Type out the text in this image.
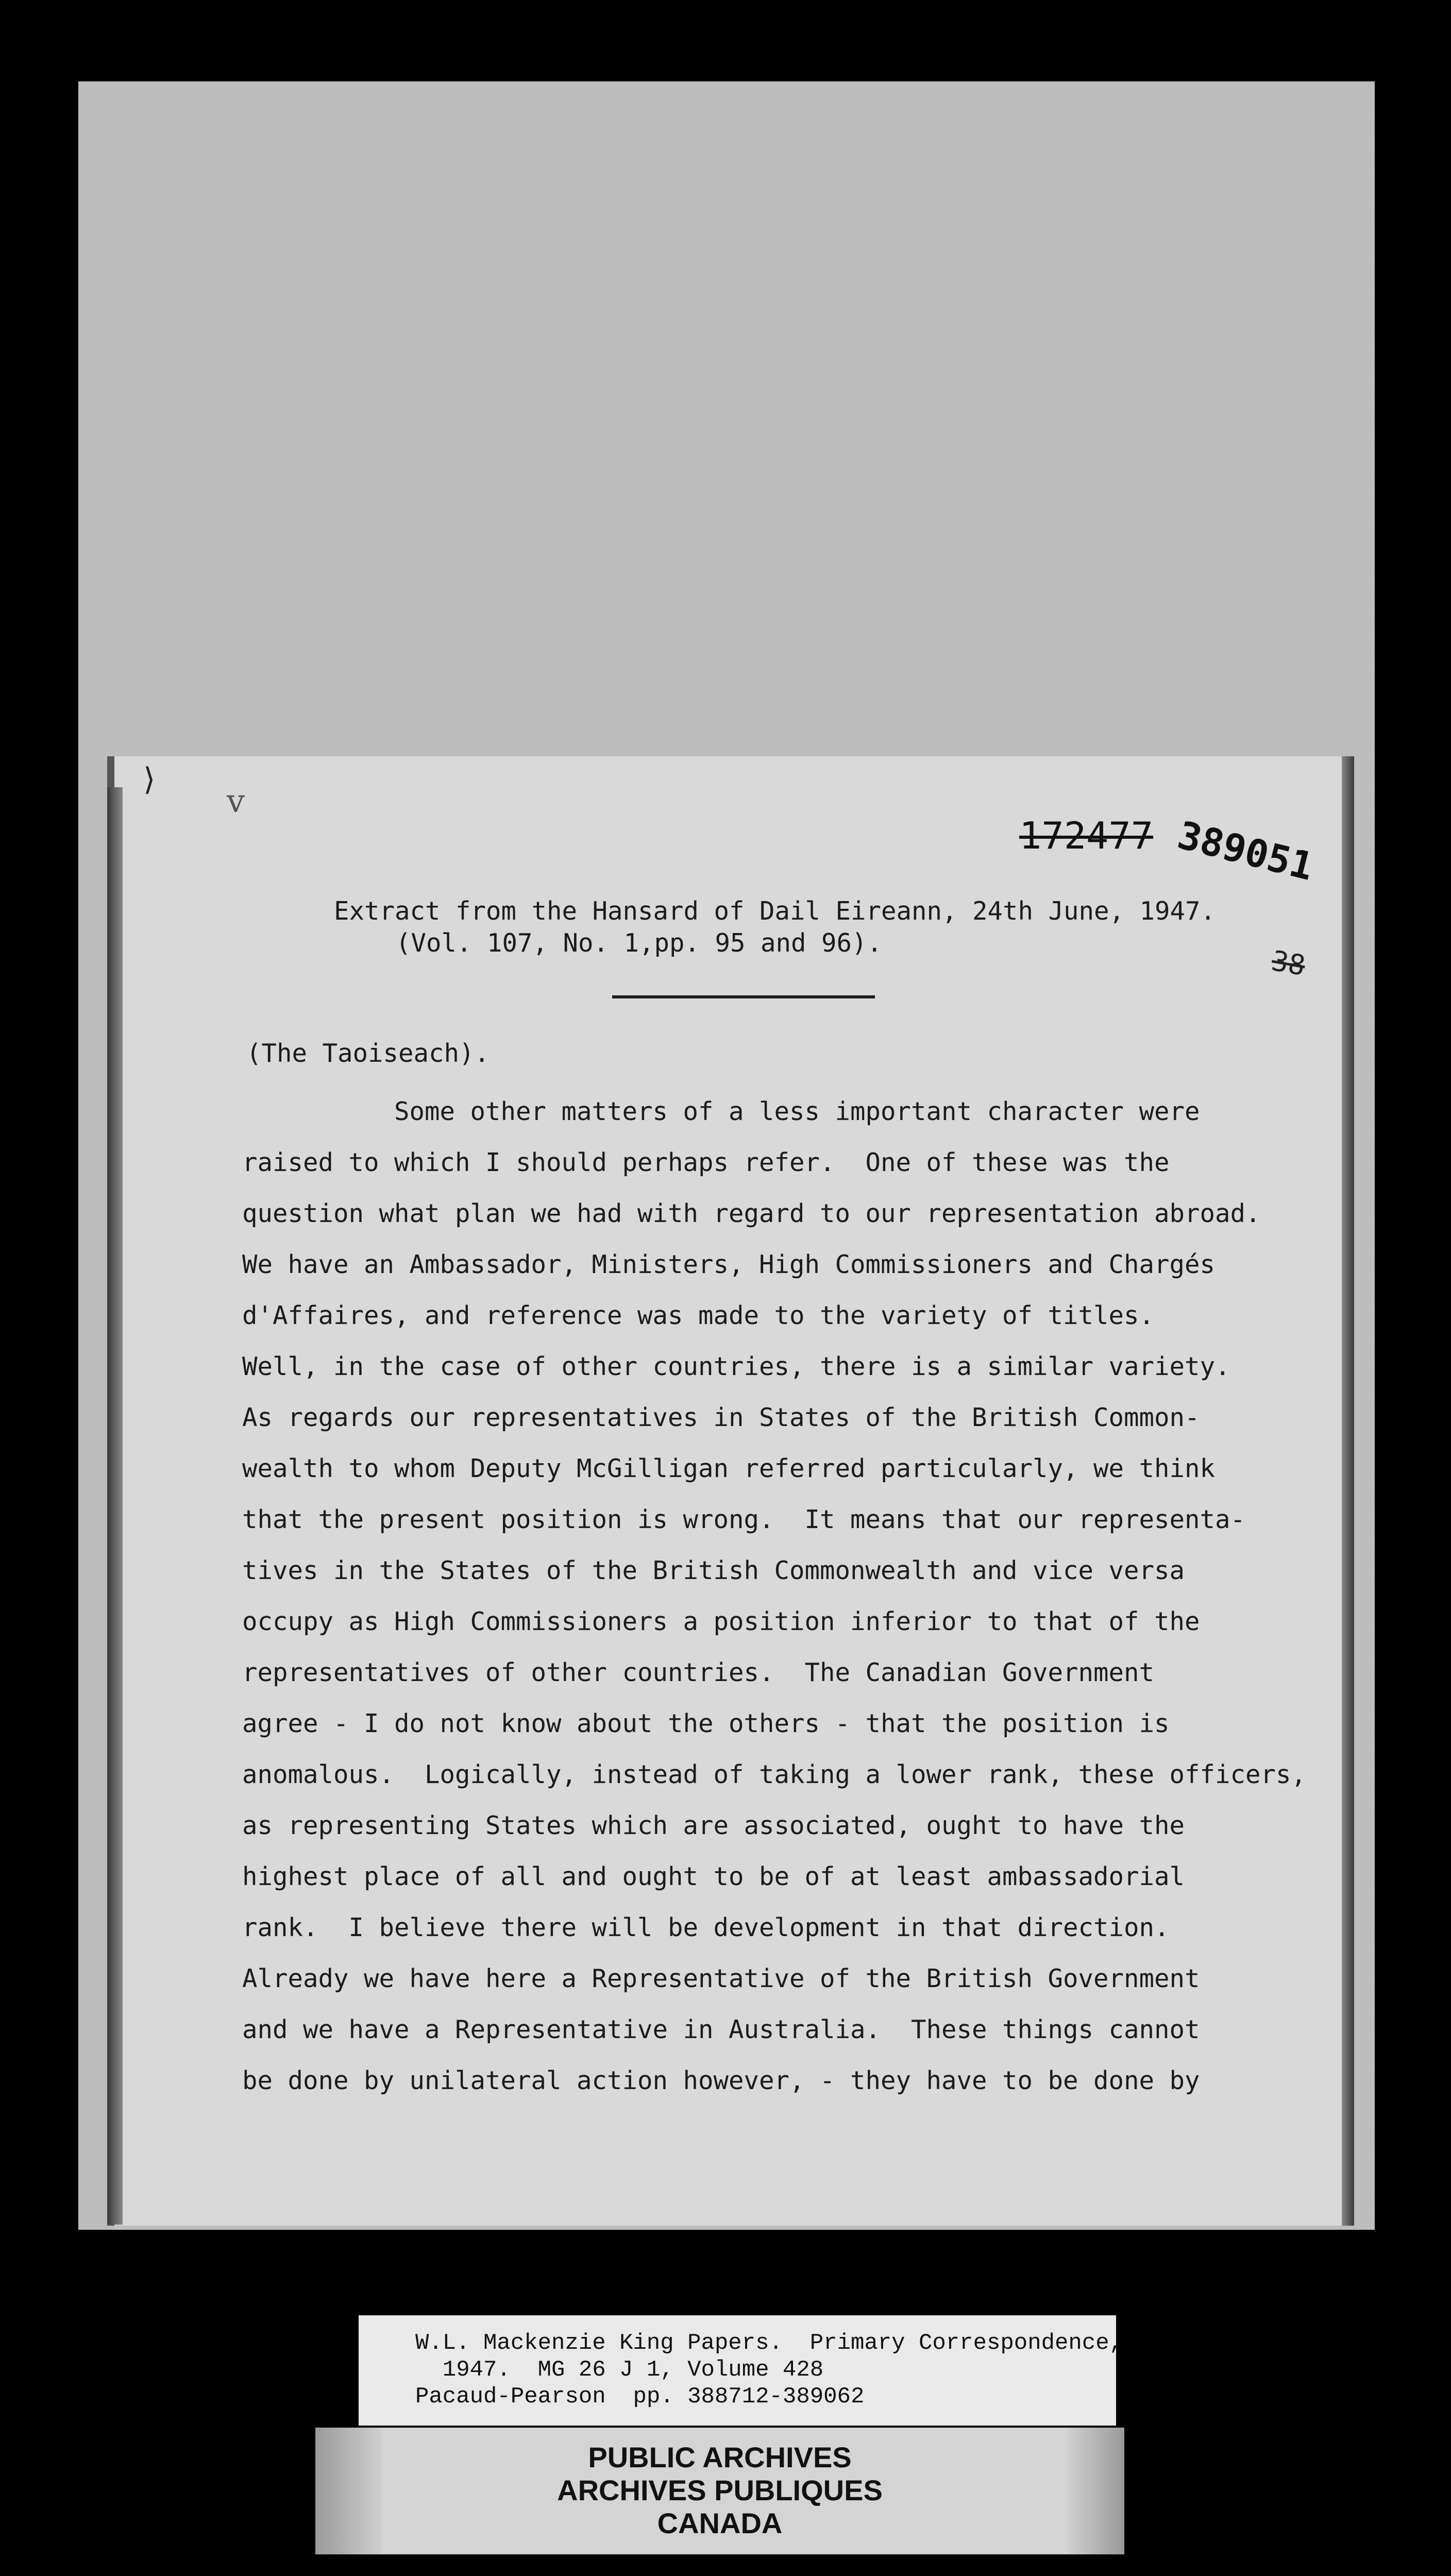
⟩
v
172477 389051
38
Extract from the Hansard of Dail Eireann, 24th June, 1947.
(Vol. 107, No. 1,pp. 95 and 96).
(The Taoiseach).
Some other matters of a less important character were
raised to which I should perhaps refer.  One of these was the
question what plan we had with regard to our representation abroad.
We have an Ambassador, Ministers, High Commissioners and Chargés
d'Affaires, and reference was made to the variety of titles.
Well, in the case of other countries, there is a similar variety.
As regards our representatives in States of the British Common-
wealth to whom Deputy McGilligan referred particularly, we think
that the present position is wrong.  It means that our representa-
tives in the States of the British Commonwealth and vice versa
occupy as High Commissioners a position inferior to that of the
representatives of other countries.  The Canadian Government
agree - I do not know about the others - that the position is
anomalous.  Logically, instead of taking a lower rank, these officers,
as representing States which are associated, ought to have the
highest place of all and ought to be of at least ambassadorial
rank.  I believe there will be development in that direction.
Already we have here a Representative of the British Government
and we have a Representative in Australia.  These things cannot
be done by unilateral action however, - they have to be done by
W.L. Mackenzie King Papers.  Primary Correspondence,
1947.  MG 26 J 1, Volume 428
Pacaud-Pearson  pp. 388712-389062
PUBLIC ARCHIVES
ARCHIVES PUBLIQUES
CANADA
